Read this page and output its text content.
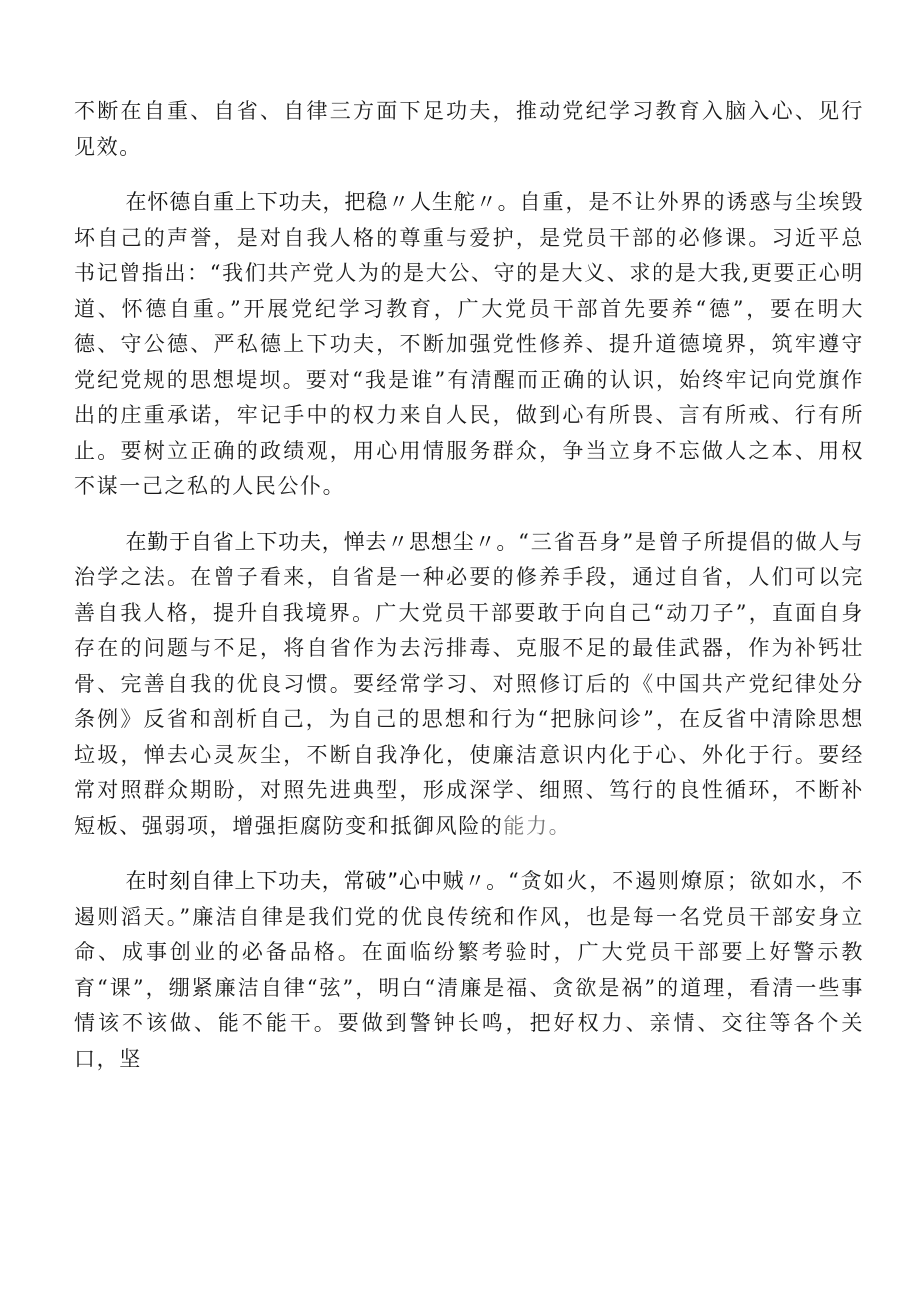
不断在自重、自省、自律三方面下足功夫，推动党纪学习教育入脑入心、见行见效。

在怀德自重上下功夫，把稳〃人生舵〃。自重，是不让外界的诱惑与尘埃毁坏自己的声誉，是对自我人格的尊重与爱护，是党员干部的必修课。习近平总书记曾指出：“我们共产党人为的是大公、守的是大义、求的是大我,更要正心明道、怀德自重。”开展党纪学习教育，广大党员干部首先要养“德”，要在明大德、守公德、严私德上下功夫，不断加强党性修养、提升道德境界，筑牢遵守党纪党规的思想堤坝。要对“我是谁”有清醒而正确的认识，始终牢记向党旗作出的庄重承诺，牢记手中的权力来自人民，做到心有所畏、言有所戒、行有所止。要树立正确的政绩观，用心用情服务群众，争当立身不忘做人之本、用权不谋一己之私的人民公仆。

在勤于自省上下功夫，惮去〃思想尘〃。“三省吾身”是曾子所提倡的做人与治学之法。在曾子看来，自省是一种必要的修养手段，通过自省，人们可以完善自我人格，提升自我境界。广大党员干部要敢于向自己“动刀子”，直面自身存在的问题与不足，将自省作为去污排毒、克服不足的最佳武器，作为补钙壮骨、完善自我的优良习惯。要经常学习、对照修订后的《中国共产党纪律处分条例》反省和剖析自己，为自己的思想和行为“把脉问诊”，在反省中清除思想垃圾，惮去心灵灰尘，不断自我净化，使廉洁意识内化于心、外化于行。要经常对照群众期盼，对照先进典型，形成深学、细照、笃行的良性循环，不断补短板、强弱项，增强拒腐防变和抵御风险的能力。

在时刻自律上下功夫，常破”心中贼〃。“贪如火，不遏则燎原；欲如水，不遏则滔天。”廉洁自律是我们党的优良传统和作风，也是每一名党员干部安身立命、成事创业的必备品格。在面临纷繁考验时，广大党员干部要上好警示教育“课”，绷紧廉洁自律“弦”，明白“清廉是福、贪欲是祸”的道理，看清一些事情该不该做、能不能干。要做到警钟长鸣，把好权力、亲情、交往等各个关口，坚
